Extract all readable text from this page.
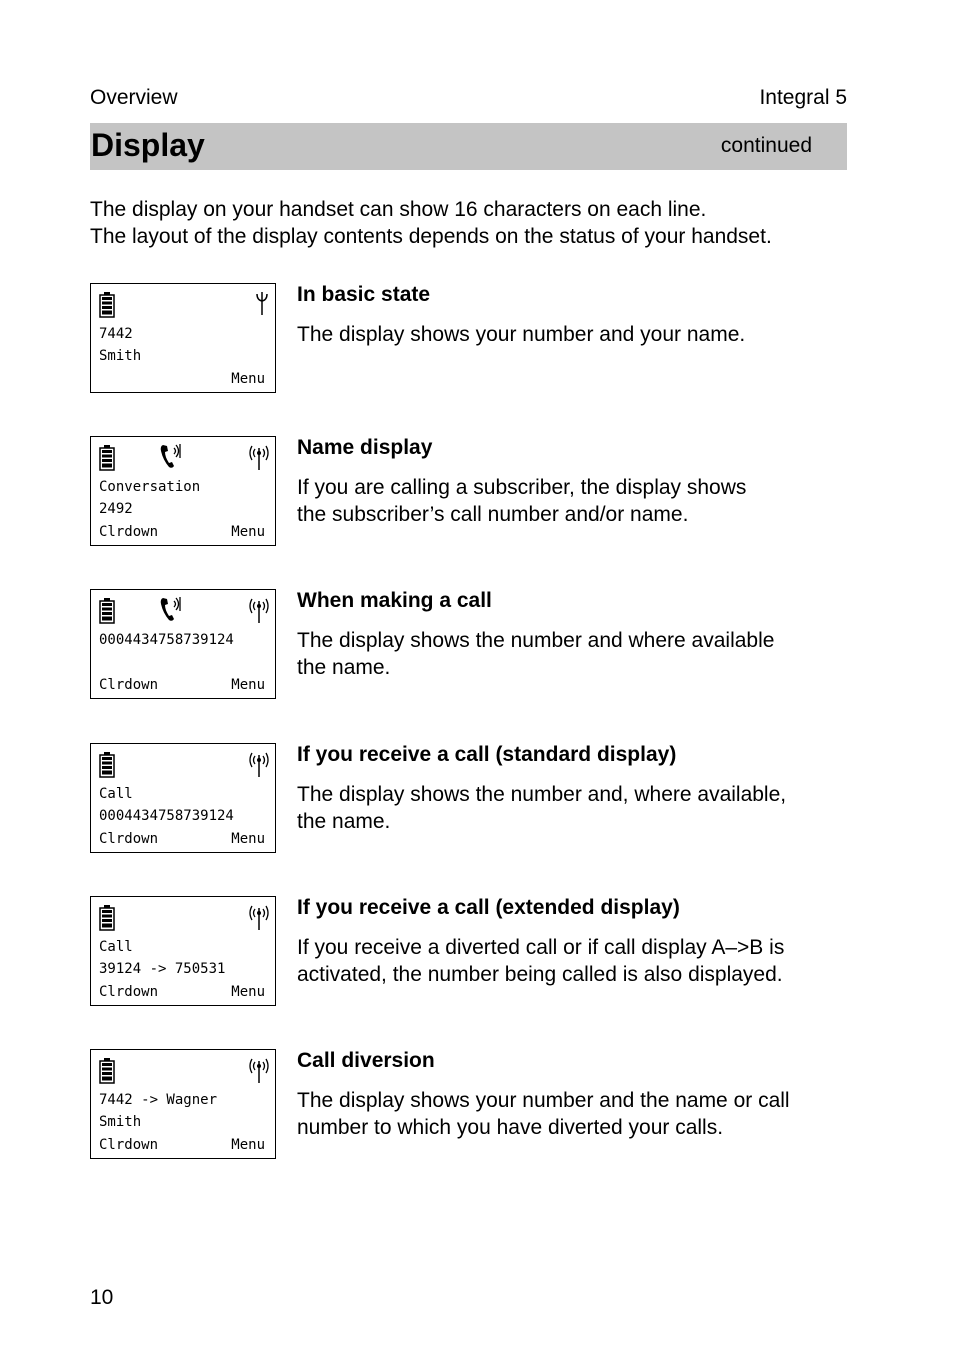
Overview	Integral 5
Display	continued
The display on your handset can show 16 characters on each line.
The layout of the display contents depends on the status of your handset.
7442
Smith
Menu
In basic state
The display shows your number and your name.
Conversation
2492
Clrdown	Menu
Name display
If you are calling a subscriber, the display shows
the subscriber’s call number and/or name.
0004434758739124
Clrdown	Menu
When making a call
The display shows the number and where available
the name.
Call
0004434758739124
Clrdown	Menu
If you receive a call (standard display)
The display shows the number and, where available,
the name.
Call
39124 -> 750531
Clrdown	Menu
If you receive a call (extended display)
If you receive a diverted call or if call display A–>B is
activated, the number being called is also displayed.
7442 -> Wagner
Smith
Clrdown	Menu
Call diversion
The display shows your number and the name or call
number to which you have diverted your calls.
10
